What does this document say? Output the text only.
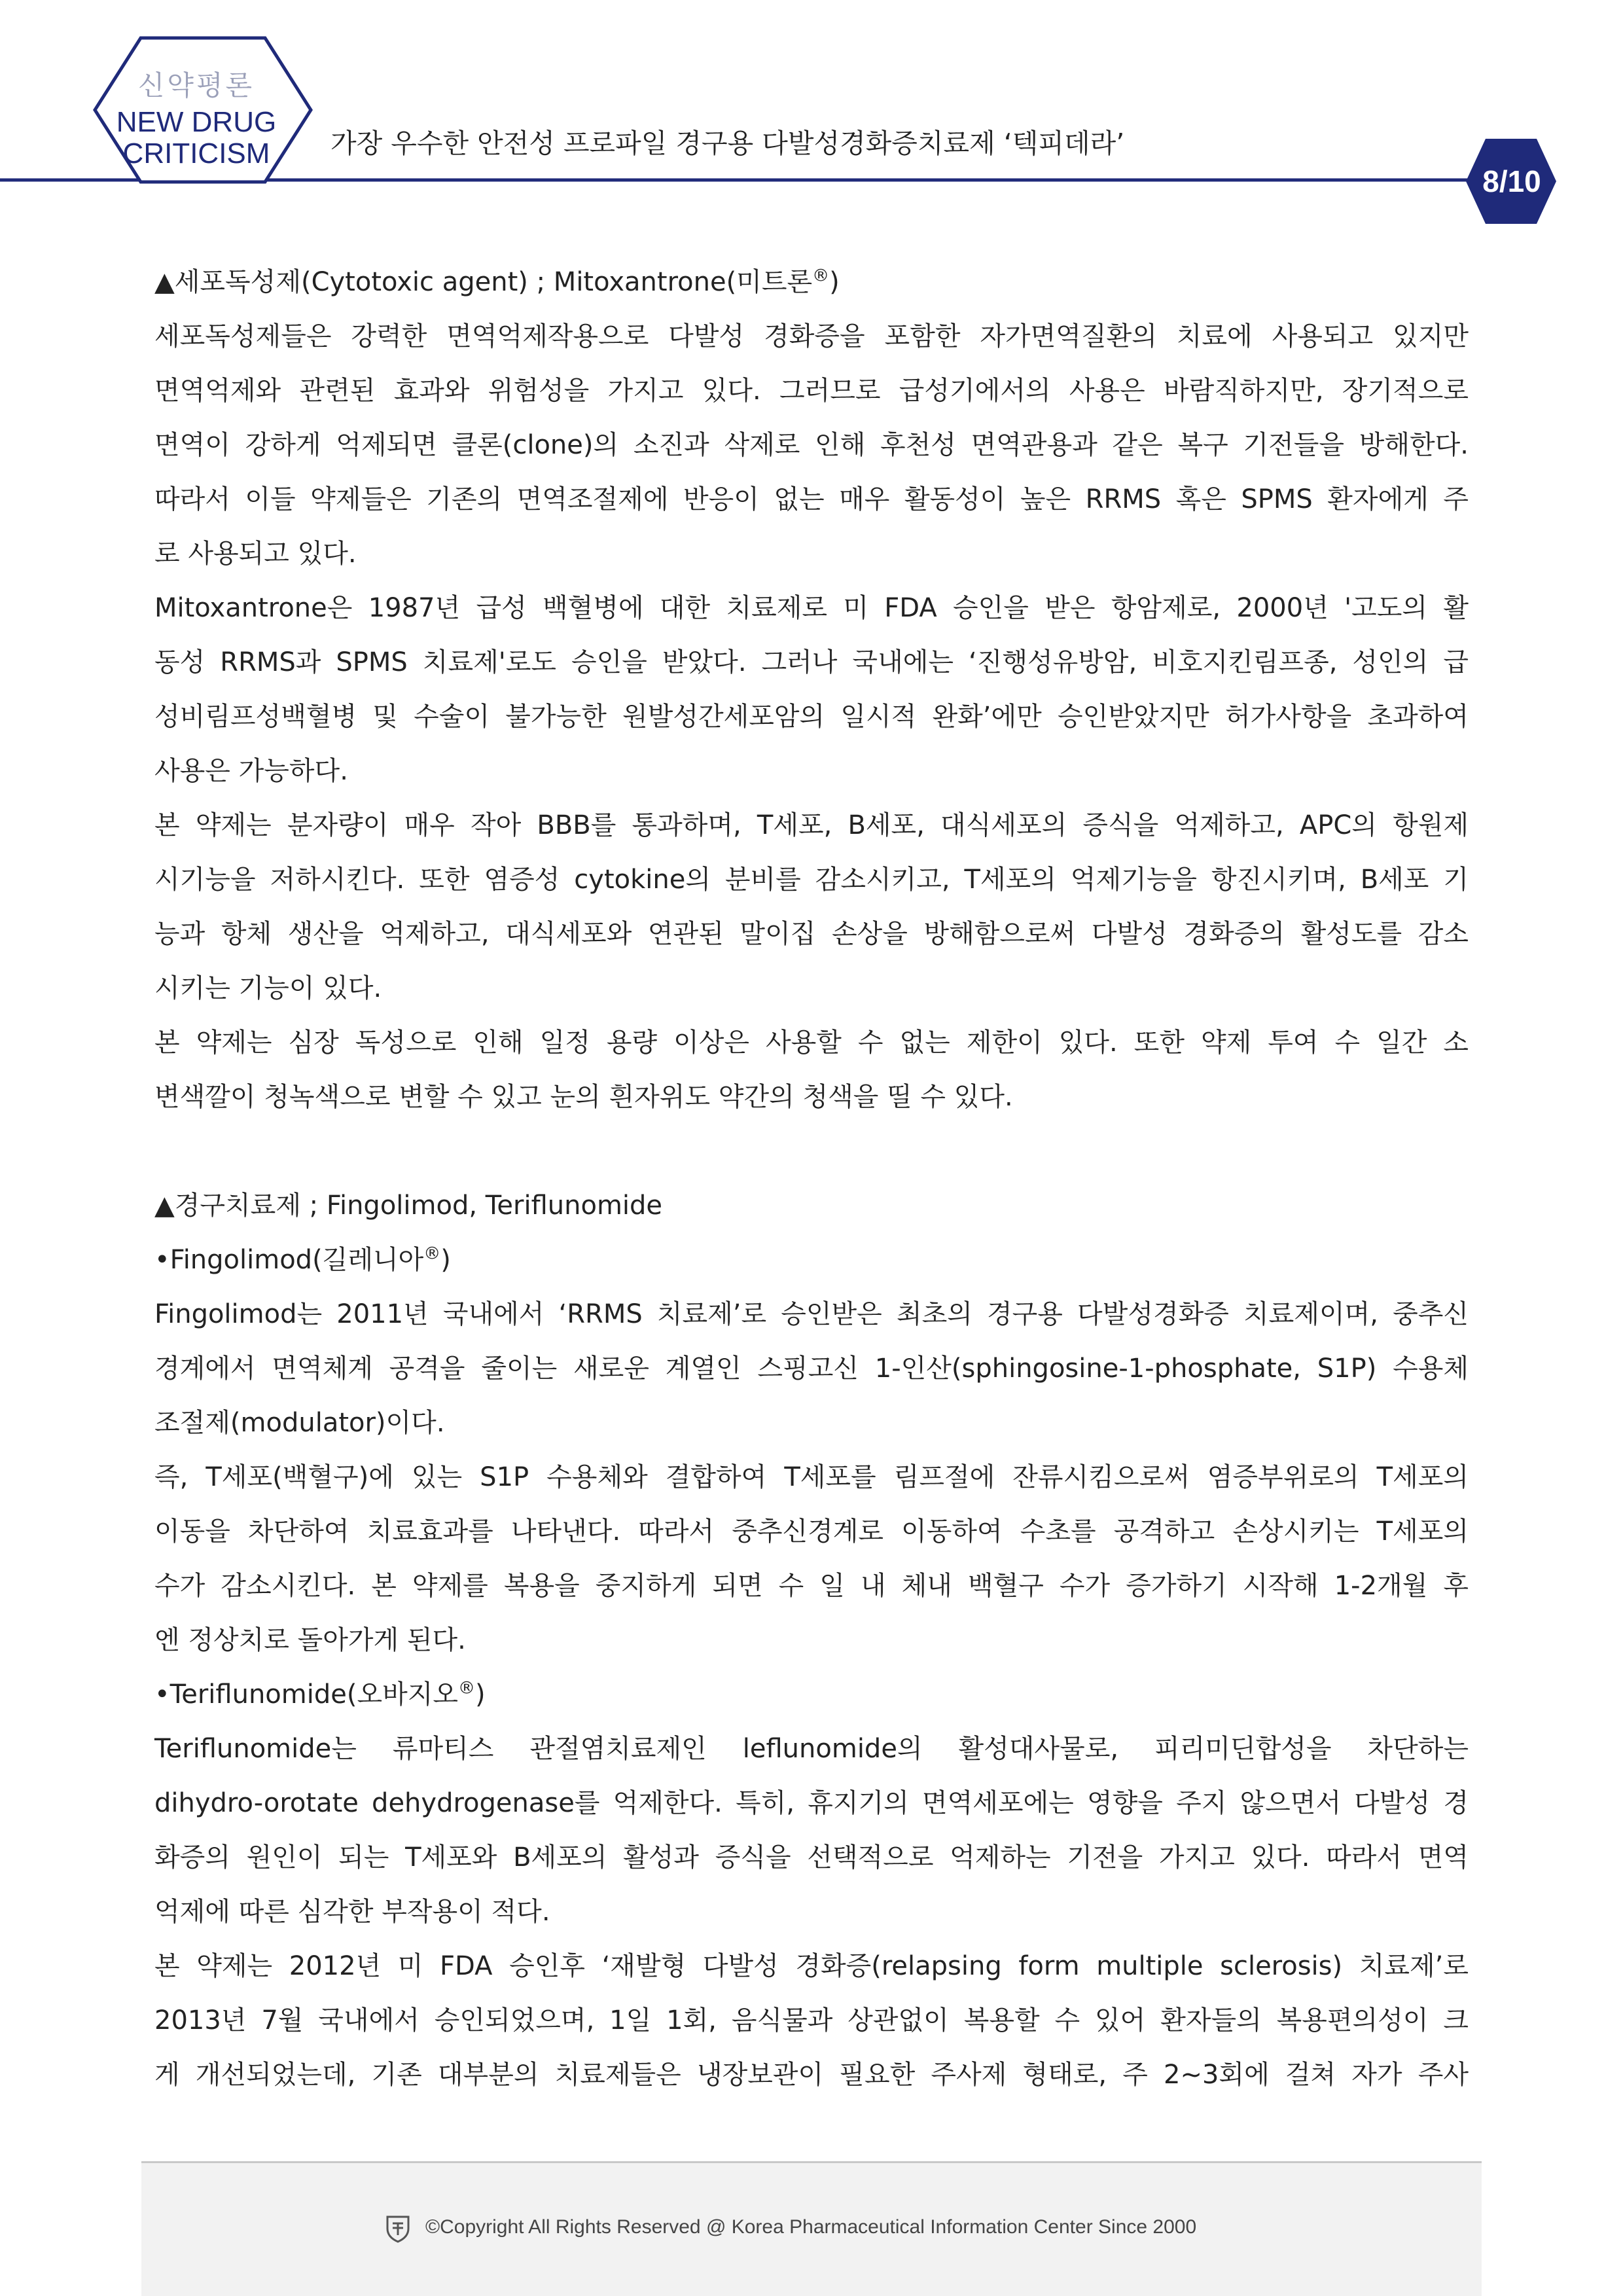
신약평론
NEW DRUG
CRITICISM	가장 우수한 안전성 프로파일 경구용 다발성경화증치료제 ‘텍피데라’
8/10
▲세포독성제(Cytotoxic agent) ; Mitoxantrone(미트론®)
세포독성제들은 강력한 면역억제작용으로 다발성 경화증을 포함한 자가면역질환의 치료에 사용되고 있지만
면역억제와 관련된 효과와 위험성을 가지고 있다. 그러므로 급성기에서의 사용은 바람직하지만, 장기적으로
면역이 강하게 억제되면 클론(clone)의 소진과 삭제로 인해 후천성 면역관용과 같은 복구 기전들을 방해한다.
따라서 이들 약제들은 기존의 면역조절제에 반응이 없는 매우 활동성이 높은 RRMS 혹은 SPMS 환자에게 주
로 사용되고 있다.
Mitoxantrone은 1987년 급성 백혈병에 대한 치료제로 미 FDA 승인을 받은 항암제로, 2000년 '고도의 활
동성 RRMS과 SPMS 치료제'로도 승인을 받았다. 그러나 국내에는 ‘진행성유방암, 비호지킨림프종, 성인의 급
성비림프성백혈병 및 수술이 불가능한 원발성간세포암의 일시적 완화’에만 승인받았지만 허가사항을 초과하여
사용은 가능하다.
본 약제는 분자량이 매우 작아 BBB를 통과하며, T세포, B세포, 대식세포의 증식을 억제하고, APC의 항원제
시기능을 저하시킨다. 또한 염증성 cytokine의 분비를 감소시키고, T세포의 억제기능을 항진시키며, B세포 기
능과 항체 생산을 억제하고, 대식세포와 연관된 말이집 손상을 방해함으로써 다발성 경화증의 활성도를 감소
시키는 기능이 있다.
본 약제는 심장 독성으로 인해 일정 용량 이상은 사용할 수 없는 제한이 있다. 또한 약제 투여 수 일간 소
변색깔이 청녹색으로 변할 수 있고 눈의 흰자위도 약간의 청색을 띨 수 있다.
▲경구치료제 ; Fingolimod, Teriflunomide
•Fingolimod(길레니아®)
Fingolimod는 2011년 국내에서 ‘RRMS 치료제’로 승인받은 최초의 경구용 다발성경화증 치료제이며, 중추신
경계에서 면역체계 공격을 줄이는 새로운 계열인 스핑고신 1-인산(sphingosine-1-phosphate, S1P) 수용체
조절제(modulator)이다.
즉, T세포(백혈구)에 있는 S1P 수용체와 결합하여 T세포를 림프절에 잔류시킴으로써 염증부위로의 T세포의
이동을 차단하여 치료효과를 나타낸다. 따라서 중추신경계로 이동하여 수초를 공격하고 손상시키는 T세포의
수가 감소시킨다. 본 약제를 복용을 중지하게 되면 수 일 내 체내 백혈구 수가 증가하기 시작해 1-2개월 후
엔 정상치로 돌아가게 된다.
•Teriflunomide(오바지오®)
Teriflunomide는 류마티스 관절염치료제인 leflunomide의 활성대사물로, 피리미딘합성을 차단하는
dihydro-orotate dehydrogenase를 억제한다. 특히, 휴지기의 면역세포에는 영향을 주지 않으면서 다발성 경
화증의 원인이 되는 T세포와 B세포의 활성과 증식을 선택적으로 억제하는 기전을 가지고 있다. 따라서 면역
억제에 따른 심각한 부작용이 적다.
본 약제는 2012년 미 FDA 승인후 ‘재발형 다발성 경화증(relapsing form multiple sclerosis) 치료제’로
2013년 7월 국내에서 승인되었으며, 1일 1회, 음식물과 상관없이 복용할 수 있어 환자들의 복용편의성이 크
게 개선되었는데, 기존 대부분의 치료제들은 냉장보관이 필요한 주사제 형태로, 주 2~3회에 걸쳐 자가 주사
©Copyright All Rights Reserved @ Korea Pharmaceutical Information Center Since 2000
